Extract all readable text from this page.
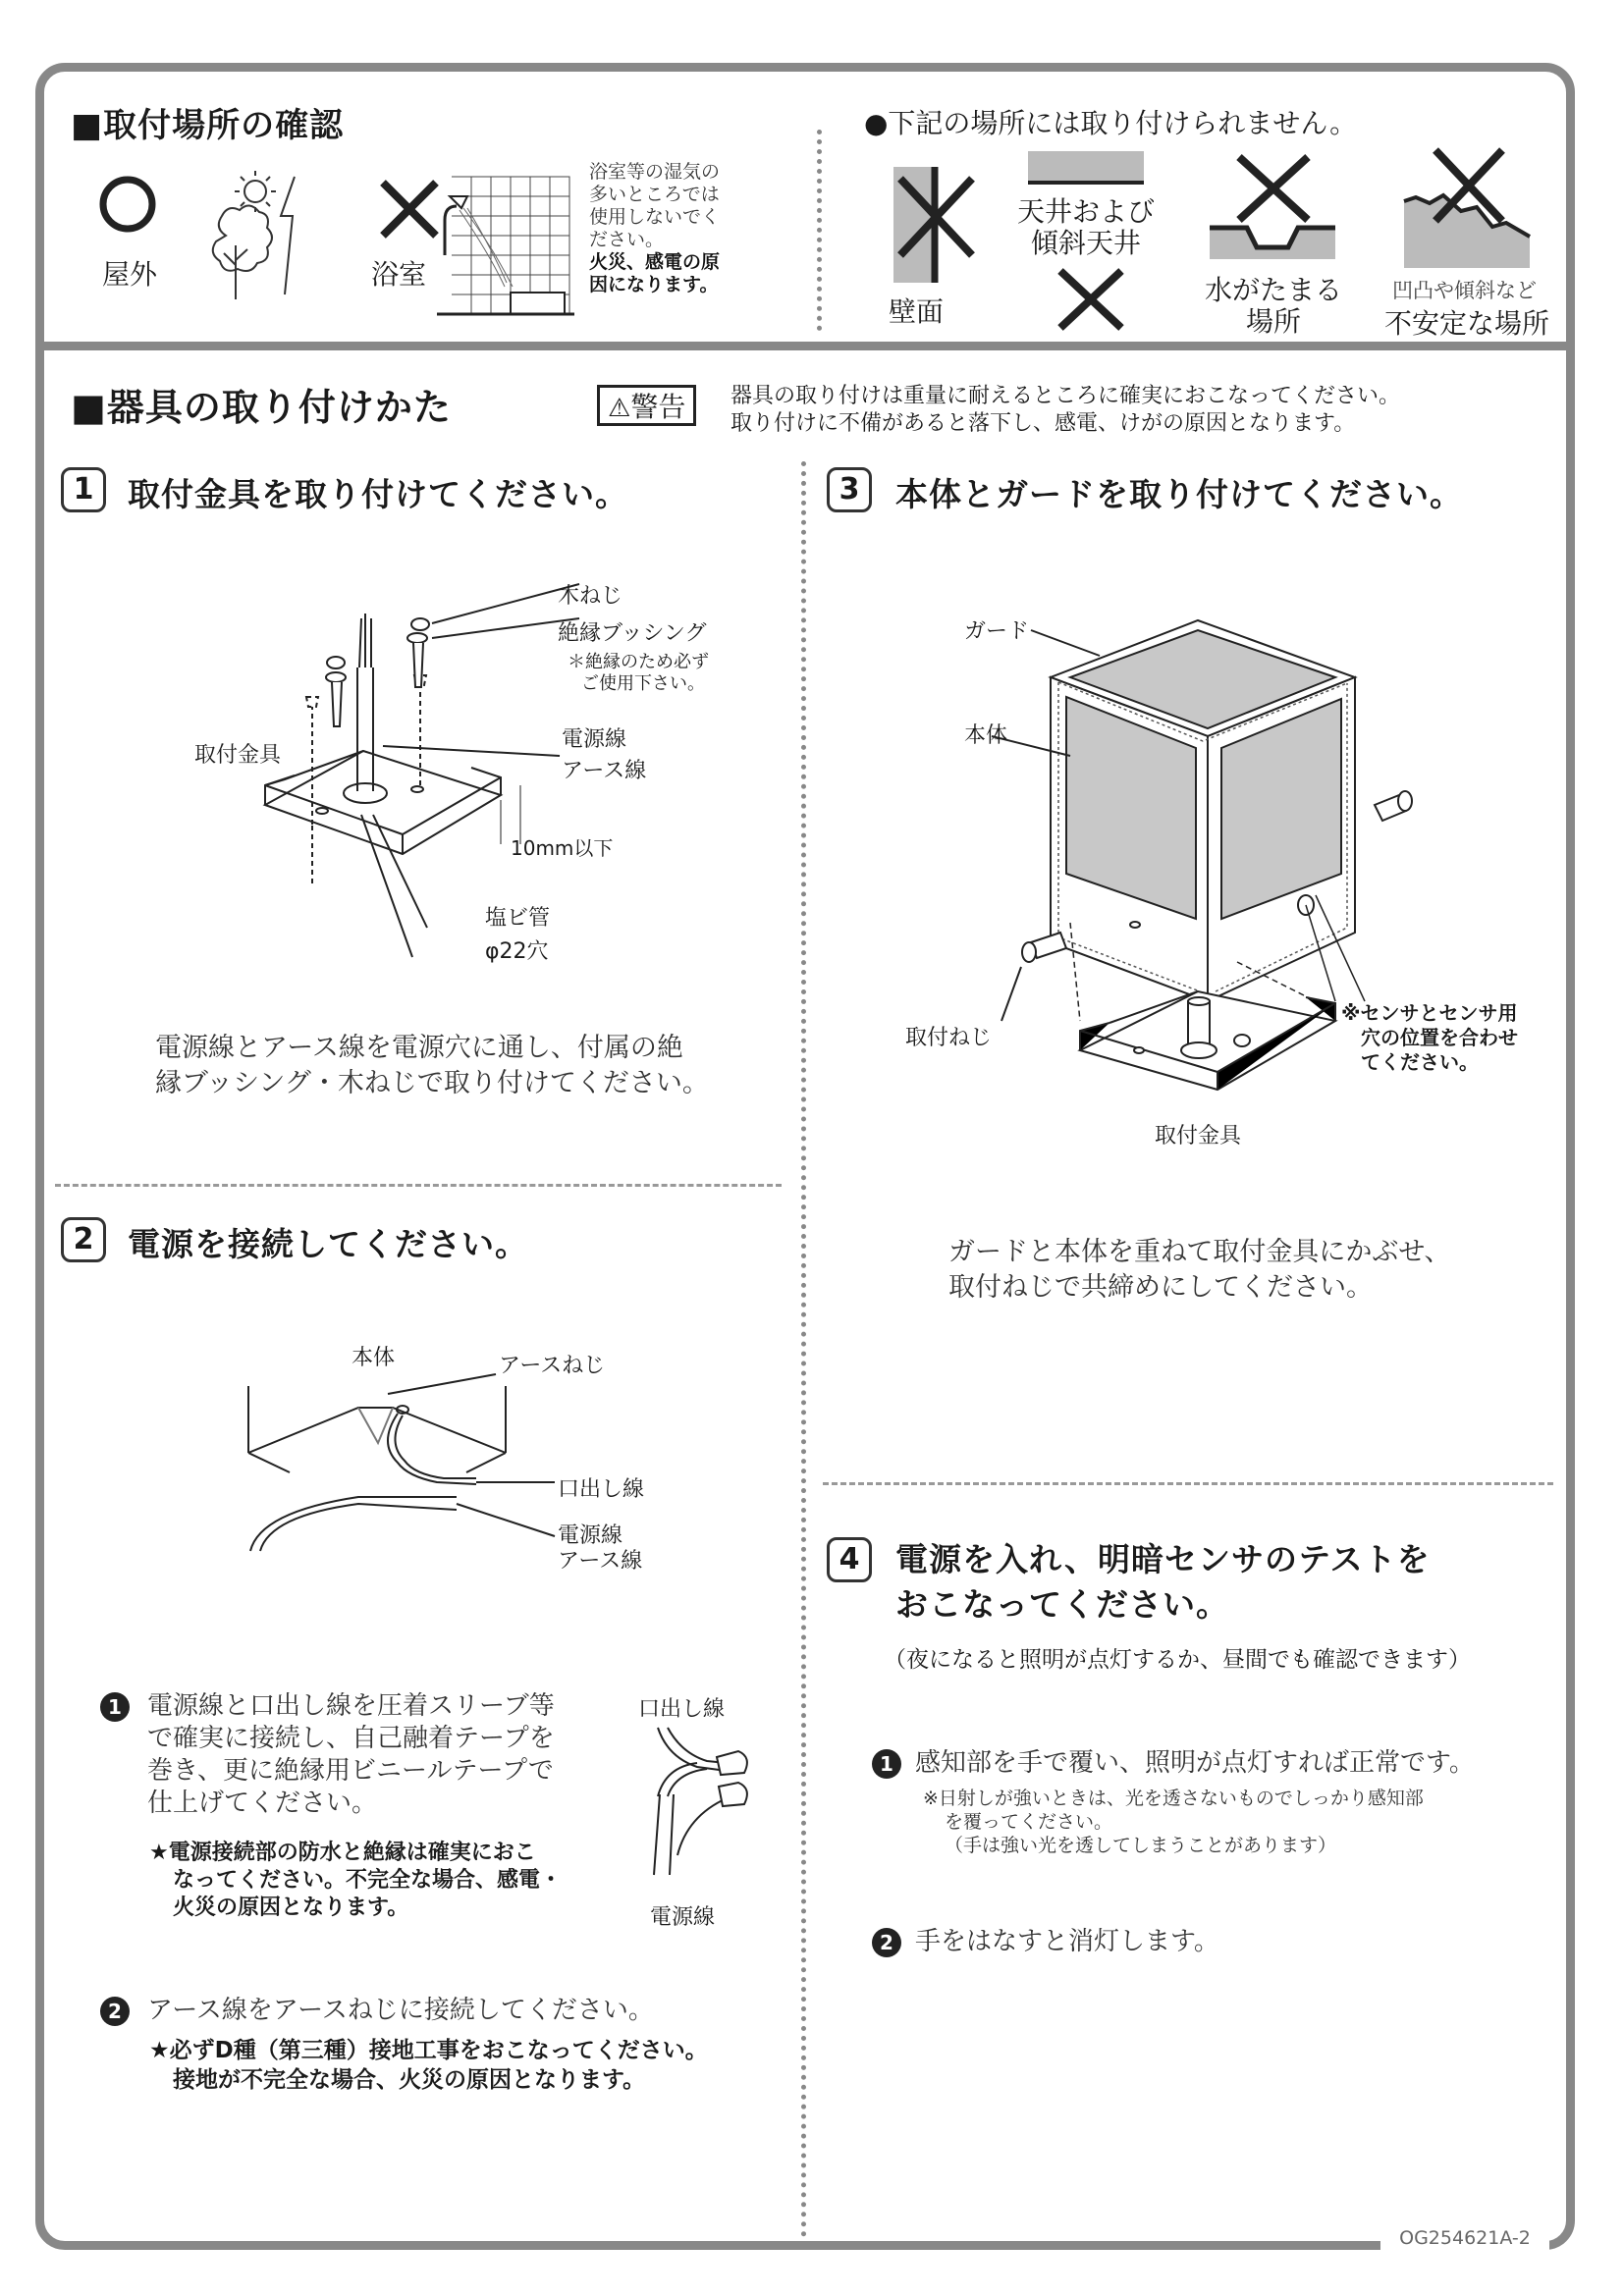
■取付場所の確認
屋外	浴室
浴室等の湿気の
多いところでは
使用しないでく
ださい。
火災、感電の原
因になります。
●下記の場所には取り付けられません。
壁面
天井および
傾斜天井
水がたまる
場所
凹凸や傾斜など
不安定な場所
■器具の取り付けかた	⚠警告	器具の取り付けは重量に耐えるところに確実におこなってください。
取り付けに不備があると落下し、感電、けがの原因となります。
1	取付金具を取り付けてください。
木ねじ
絶縁ブッシング
＊絶縁のため必ず
ご使用下さい。
取付金具
電源線
アース線
10mm以下
塩ビ管
φ22穴
電源線とアース線を電源穴に通し、付属の絶
縁ブッシング・木ねじで取り付けてください。
2	電源を接続してください。
本体	アースねじ
口出し線
電源線
アース線
1	電源線と口出し線を圧着スリーブ等
で確実に接続し、自己融着テープを
巻き、更に絶縁用ビニールテープで
仕上げてください。
★電源接続部の防水と絶縁は確実におこ
なってください。不完全な場合、感電・
火災の原因となります。
口出し線
電源線
2	アース線をアースねじに接続してください。
★必ずD種（第三種）接地工事をおこなってください。
接地が不完全な場合、火災の原因となります。
3	本体とガードを取り付けてください。
ガード
本体
取付ねじ
取付金具
※センサとセンサ用
穴の位置を合わせ
てください。
ガードと本体を重ねて取付金具にかぶせ、
取付ねじで共締めにしてください。
4	電源を入れ、明暗センサのテストを
おこなってください。
（夜になると照明が点灯するか、昼間でも確認できます）
1 感知部を手で覆い、照明が点灯すれば正常です。
※日射しが強いときは、光を透さないものでしっかり感知部
を覆ってください。
（手は強い光を透してしまうことがあります）
2 手をはなすと消灯します。
OG254621A-2
